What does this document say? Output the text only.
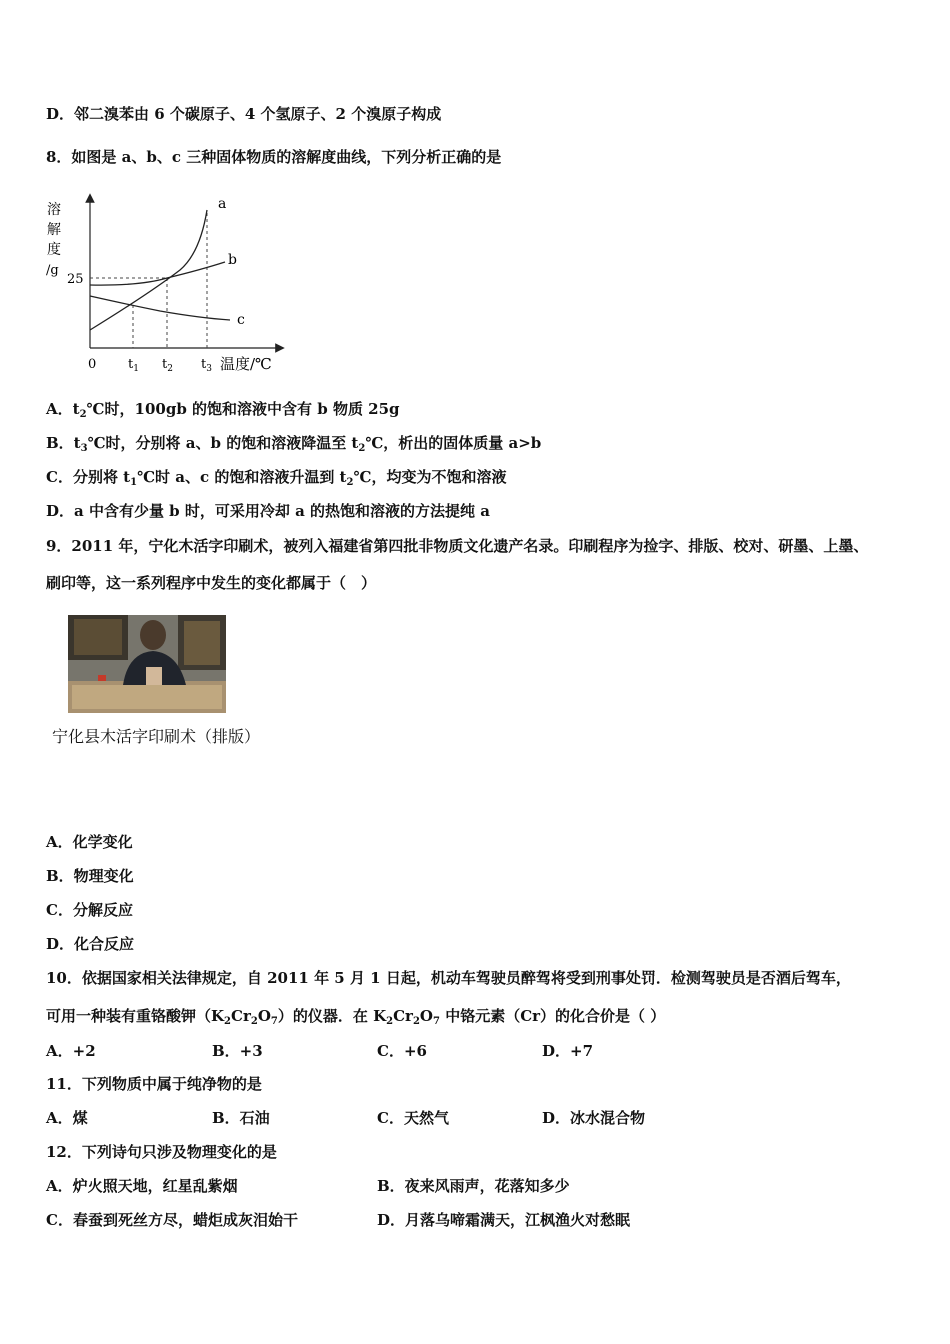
D．邻二溴苯由 6 个碳原子、4 个氢原子、2 个溴原子构成
8．如图是 a、b、c 三种固体物质的溶解度曲线，下列分析正确的是
a
b
c
25
溶
解
度
/g
0 $t_1$ $t_2$ $t_3$ 温度/℃
A．$t_2℃$时，100gb 的饱和溶液中含有 b 物质 25g
B．$t_3℃$时，分别将 a、b 的饱和溶液降温至 $t_2℃$，析出的固体质量 a>b
C．分别将 $t_1℃$时 a、c 的饱和溶液升温到 $t_2℃$，均变为不饱和溶液
D．a 中含有少量 b 时，可采用冷却 a 的热饱和溶液的方法提纯 a
9．2011 年，宁化木活字印刷术，被列入福建省第四批非物质文化遗产名录。印刷程序为捡字、排版、校对、研墨、上墨、
刷印等，这一系列程序中发生的变化都属于（　）
宁化县木活字印刷术（排版）
A．化学变化
B．物理变化
C．分解反应
D．化合反应
10．依据国家相关法律规定，自 2011 年 5 月 1 日起，机动车驾驶员醉驾将受到刑事处罚．检测驾驶员是否酒后驾车，
可用一种装有重铬酸钾$(K_2Cr_2O_7)$的仪器．在 $K_2Cr_2O_7$ 中铬元素（Cr）的化合价是（ ）
A．+2	B．+3	C．+6	D．+7
11．下列物质中属于纯净物的是
A．煤	B．石油	C．天然气	D．冰水混合物
12．下列诗句只涉及物理变化的是
A．炉火照天地，红星乱紫烟	B．夜来风雨声，花落知多少
C．春蚕到死丝方尽，蜡炬成灰泪始干	D．月落乌啼霜满天，江枫渔火对愁眠
